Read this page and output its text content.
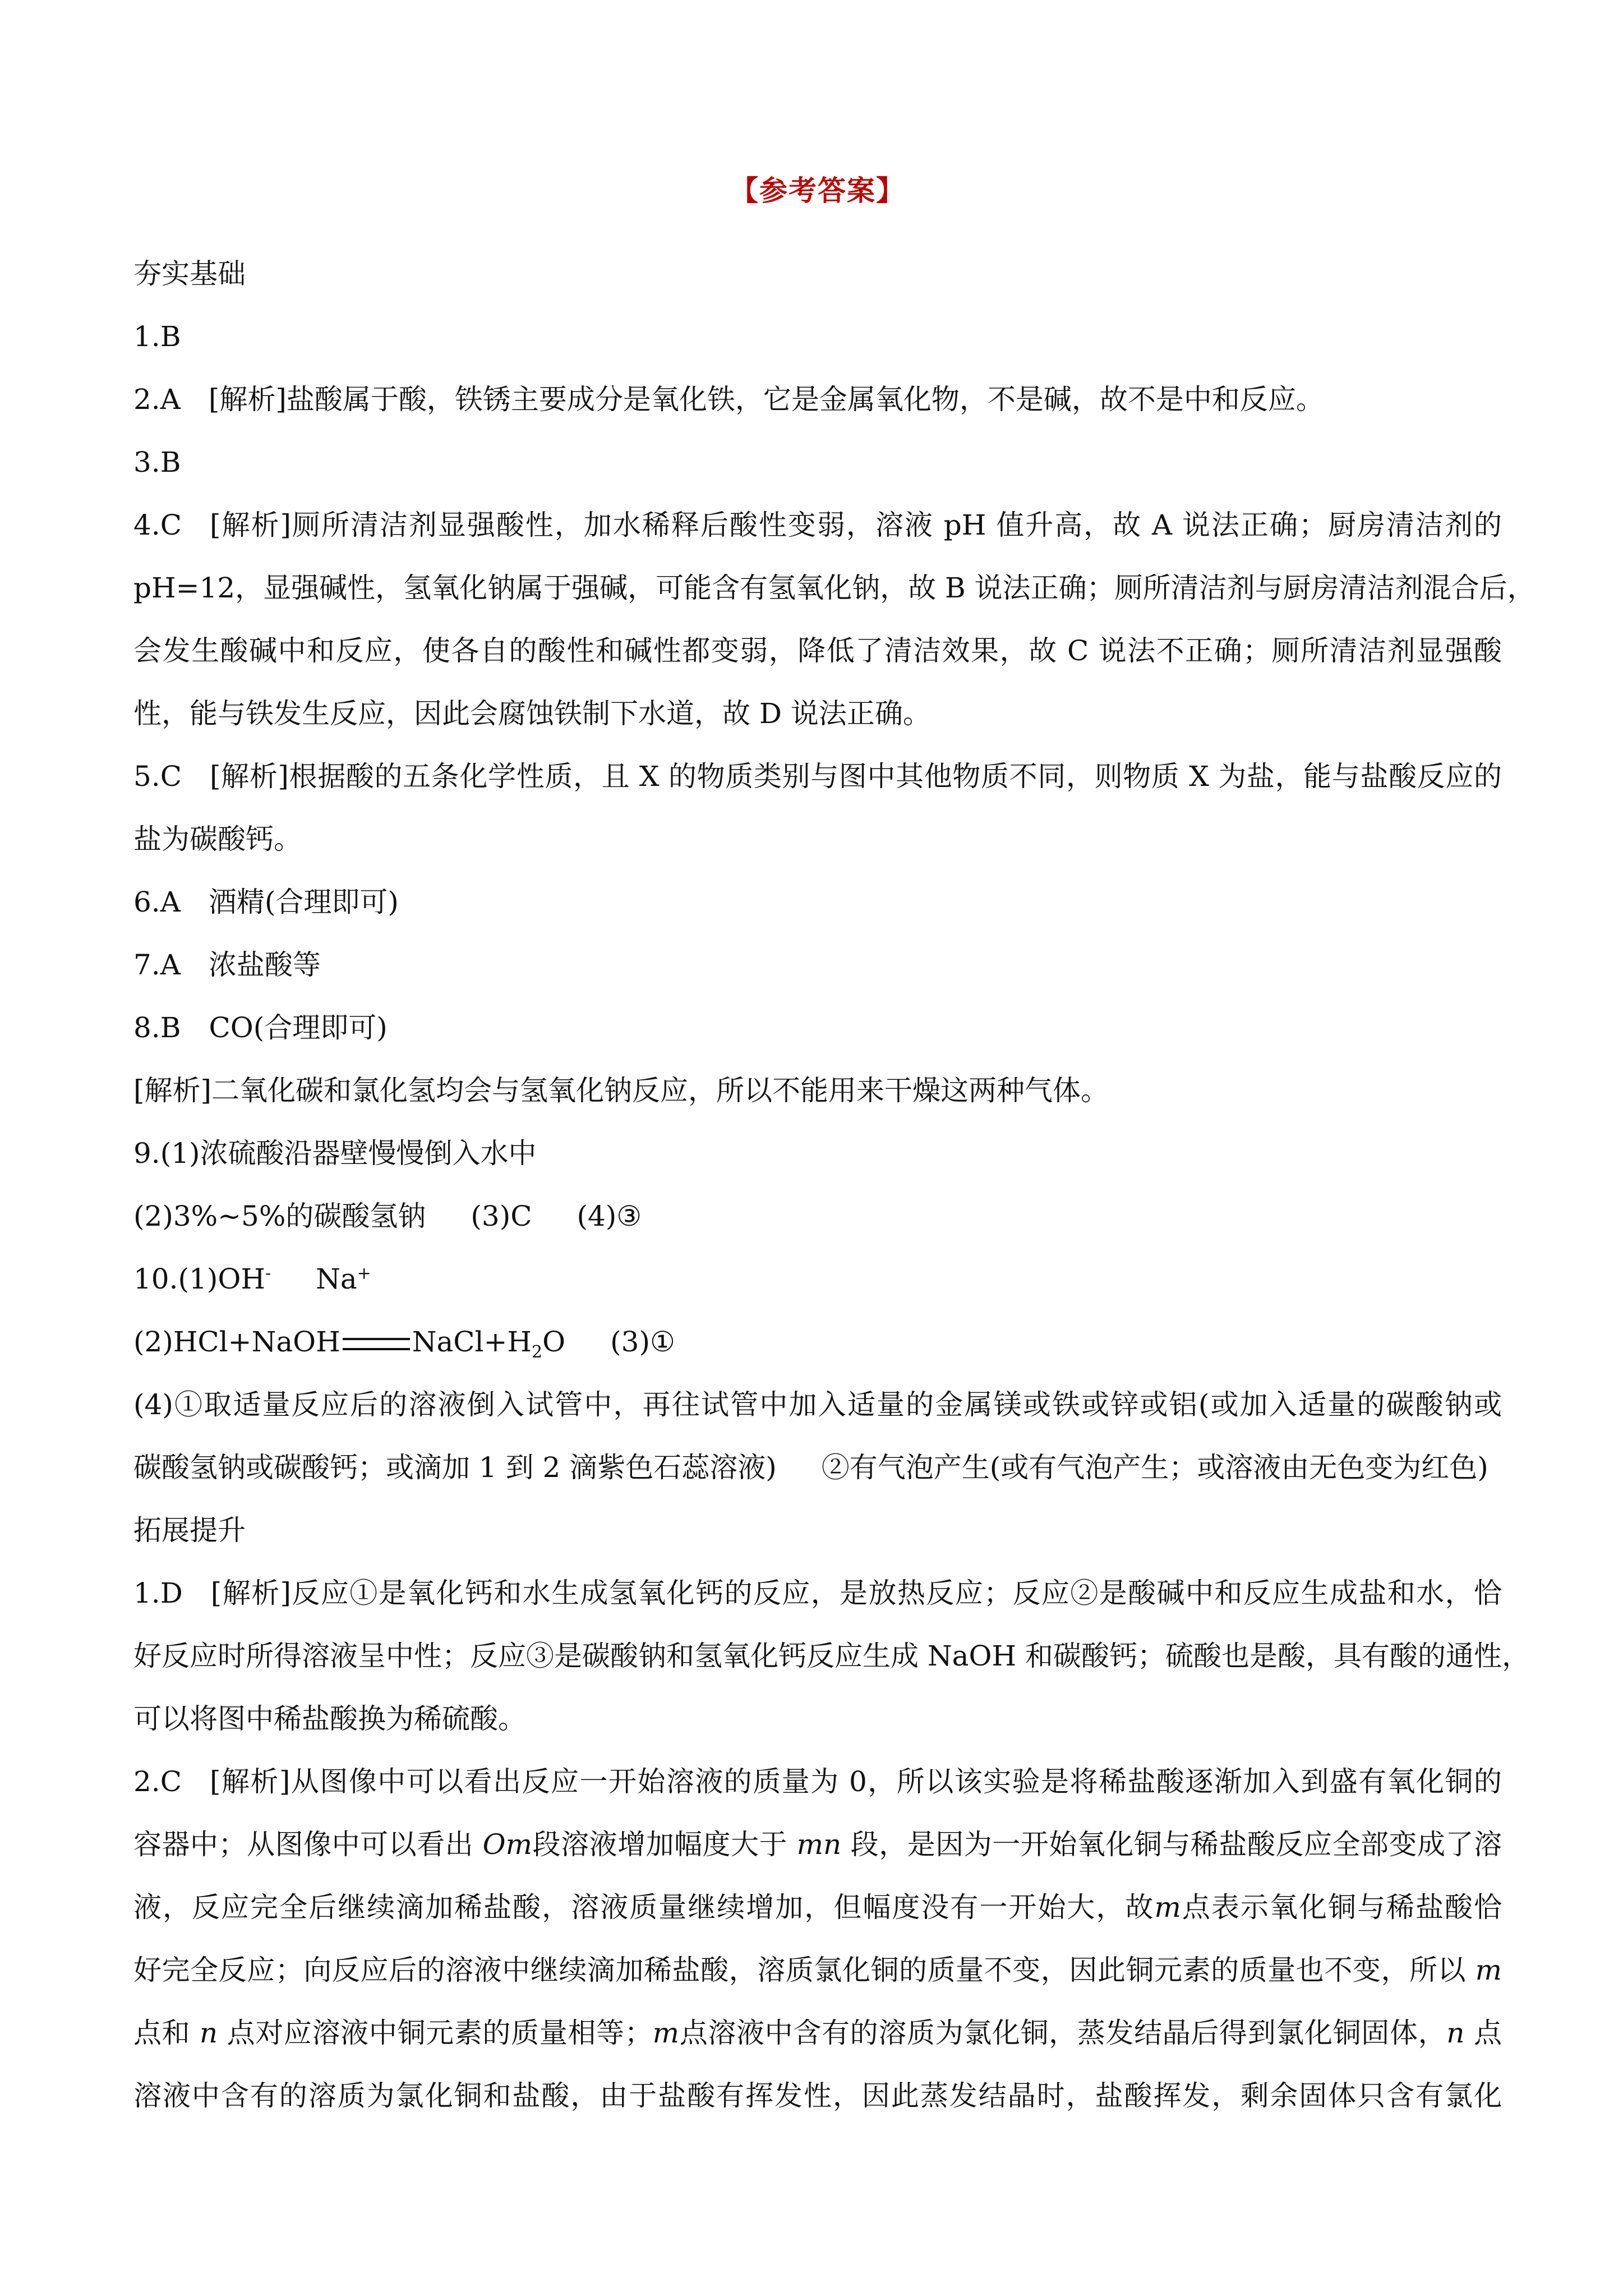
【参考答案】
夯实基础
1.B
2.A [解析]盐酸属于酸，铁锈主要成分是氧化铁，它是金属氧化物，不是碱，故不是中和反应。
3.B
4.C [解析]厕所清洁剂显强酸性，加水稀释后酸性变弱，溶液 pH 值升高，故 A 说法正确；厨房清洁剂的
pH=12，显强碱性，氢氧化钠属于强碱，可能含有氢氧化钠，故 B 说法正确；厕所清洁剂与厨房清洁剂混合后，
会发生酸碱中和反应，使各自的酸性和碱性都变弱，降低了清洁效果，故 C 说法不正确；厕所清洁剂显强酸
性，能与铁发生反应，因此会腐蚀铁制下水道，故 D 说法正确。
5.C [解析]根据酸的五条化学性质，且 X 的物质类别与图中其他物质不同，则物质 X 为盐，能与盐酸反应的
盐为碳酸钙。
6.A 酒精(合理即可)
7.A 浓盐酸等
8.B CO(合理即可)
[解析]二氧化碳和氯化氢均会与氢氧化钠反应，所以不能用来干燥这两种气体。
9.(1)浓硫酸沿器壁慢慢倒入水中
(2)3%~5%的碳酸氢钠 (3)C (4)③
10.(1)OH- Na+
(2)HCl+NaOH	$NaCl+H_2O$ (3)①
(4)①取适量反应后的溶液倒入试管中，再往试管中加入适量的金属镁或铁或锌或铝(或加入适量的碳酸钠或
碳酸氢钠或碳酸钙；或滴加 1 到 2 滴紫色石蕊溶液) ②有气泡产生(或有气泡产生；或溶液由无色变为红色)
拓展提升
1.D [解析]反应①是氧化钙和水生成氢氧化钙的反应，是放热反应；反应②是酸碱中和反应生成盐和水，恰
好反应时所得溶液呈中性；反应③是碳酸钠和氢氧化钙反应生成 NaOH 和碳酸钙；硫酸也是酸，具有酸的通性，
可以将图中稀盐酸换为稀硫酸。
2.C [解析]从图像中可以看出反应一开始溶液的质量为 0，所以该实验是将稀盐酸逐渐加入到盛有氧化铜的
容器中；从图像中可以看出 Om段溶液增加幅度大于 mn 段，是因为一开始氧化铜与稀盐酸反应全部变成了溶
液，反应完全后继续滴加稀盐酸，溶液质量继续增加，但幅度没有一开始大，故m点表示氧化铜与稀盐酸恰
好完全反应；向反应后的溶液中继续滴加稀盐酸，溶质氯化铜的质量不变，因此铜元素的质量也不变，所以 m
点和 n 点对应溶液中铜元素的质量相等；m点溶液中含有的溶质为氯化铜，蒸发结晶后得到氯化铜固体，n 点
溶液中含有的溶质为氯化铜和盐酸，由于盐酸有挥发性，因此蒸发结晶时，盐酸挥发，剩余固体只含有氯化
